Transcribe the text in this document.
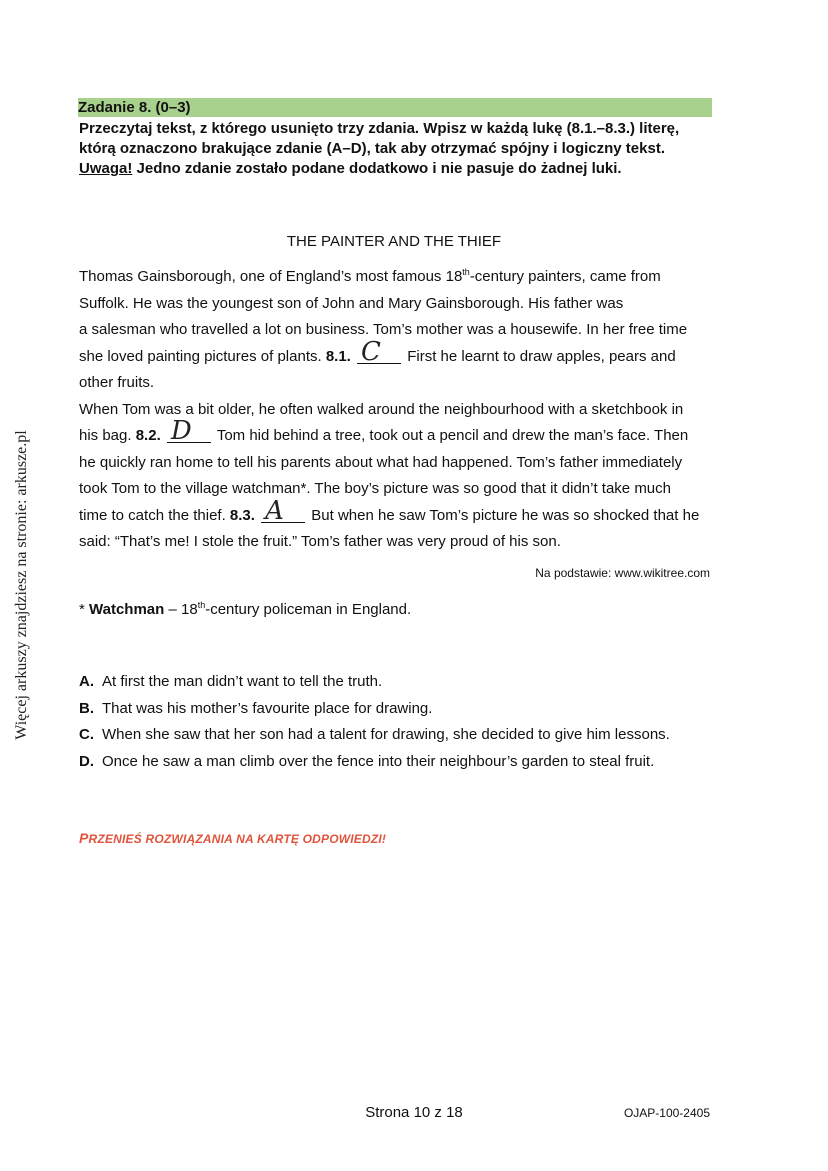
Więcej arkuszy znajdziesz na stronie: arkusze.pl
Zadanie 8. (0–3)
Przeczytaj tekst, z którego usunięto trzy zdania. Wpisz w każdą lukę (8.1.–8.3.) literę,
którą oznaczono brakujące zdanie (A–D), tak aby otrzymać spójny i logiczny tekst.
Uwaga! Jedno zdanie zostało podane dodatkowo i nie pasuje do żadnej luki.
THE PAINTER AND THE THIEF
Thomas Gainsborough, one of England’s most famous 18th-century painters, came from
Suffolk. He was the youngest son of John and Mary Gainsborough. His father was
a salesman who travelled a lot on business. Tom’s mother was a housewife. In her free time
she loved painting pictures of plants. 8.1. C First he learnt to draw apples, pears and
other fruits.
When Tom was a bit older, he often walked around the neighbourhood with a sketchbook in
his bag. 8.2. D Tom hid behind a tree, took out a pencil and drew the man’s face. Then
he quickly ran home to tell his parents about what had happened. Tom’s father immediately
took Tom to the village watchman*. The boy’s picture was so good that it didn’t take much
time to catch the thief. 8.3. A But when he saw Tom’s picture he was so shocked that he
said: “That’s me! I stole the fruit.” Tom’s father was very proud of his son.
Na podstawie: www.wikitree.com
* Watchman – 18th-century policeman in England.
A. At first the man didn’t want to tell the truth.
B. That was his mother’s favourite place for drawing.
C. When she saw that her son had a talent for drawing, she decided to give him lessons.
D. Once he saw a man climb over the fence into their neighbour’s garden to steal fruit.
PRZENIEŚ ROZWIĄZANIA NA KARTĘ ODPOWIEDZI!
Strona 10 z 18	OJAP-100-2405
